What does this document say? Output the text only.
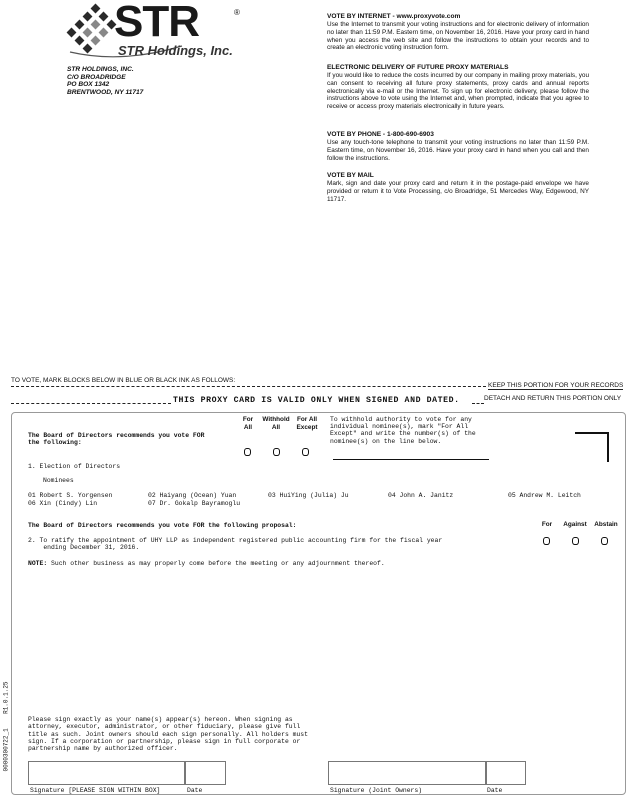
STR	®
STR Holdings, Inc.
STR HOLDINGS, INC.
C/O BROADRIDGE
PO BOX 1342
BRENTWOOD, NY 11717
VOTE BY INTERNET - www.proxyvote.com
Use the Internet to transmit your voting instructions and for electronic delivery of information no later than 11:59 P.M. Eastern time, on November 16, 2016. Have your proxy card in hand when you access the web site and follow the instructions to obtain your records and to create an electronic voting instruction form.
ELECTRONIC DELIVERY OF FUTURE PROXY MATERIALS
If you would like to reduce the costs incurred by our company in mailing proxy materials, you can consent to receiving all future proxy statements, proxy cards and annual reports electronically via e-mail or the Internet. To sign up for electronic delivery, please follow the instructions above to vote using the Internet and, when prompted, indicate that you agree to receive or access proxy materials electronically in future years.
VOTE BY PHONE - 1-800-690-6903
Use any touch-tone telephone to transmit your voting instructions no later than 11:59 P.M. Eastern time, on November 16, 2016. Have your proxy card in hand when you call and then follow the instructions.
VOTE BY MAIL
Mark, sign and date your proxy card and return it in the postage-paid envelope we have provided or return it to Vote Processing, c/o Broadridge, 51 Mercedes Way, Edgewood, NY 11717.
TO VOTE, MARK BLOCKS BELOW IN BLUE OR BLACK INK AS FOLLOWS:
KEEP THIS PORTION FOR YOUR RECORDS
THIS PROXY CARD IS VALID ONLY WHEN SIGNED AND DATED.	DETACH AND RETURN THIS PORTION ONLY
For
All
Withhold
All
For All
Except
To withhold authority to vote for any
individual nominee(s), mark "For All
Except" and write the number(s) of the
nominee(s) on the line below.
The Board of Directors recommends you vote FOR
the following:
1. Election of Directors
Nominees
01 Robert S. Yorgensen	02 Haiyang (Ocean) Yuan	03 HuiYing (Julia) Ju	04 John A. Janitz	05 Andrew M. Leitch
06 Xin (Cindy) Lin	07 Dr. Gokalp Bayramoglu
The Board of Directors recommends you vote FOR the following proposal:	For	Against	Abstain
2. To ratify the appointment of UHY LLP as independent registered public accounting firm for the fiscal year
ending December 31, 2016.
NOTE: Such other business as may properly come before the meeting or any adjournment thereof.
Please sign exactly as your name(s) appear(s) hereon. When signing as
attorney, executor, administrator, or other fiduciary, please give full
title as such. Joint owners should each sign personally. All holders must
sign. If a corporation or partnership, please sign in full corporate or
partnership name by authorized officer.
Signature [PLEASE SIGN WITHIN BOX]	Date	Signature (Joint Owners)	Date
0000300722_1    R1.0.1.25
